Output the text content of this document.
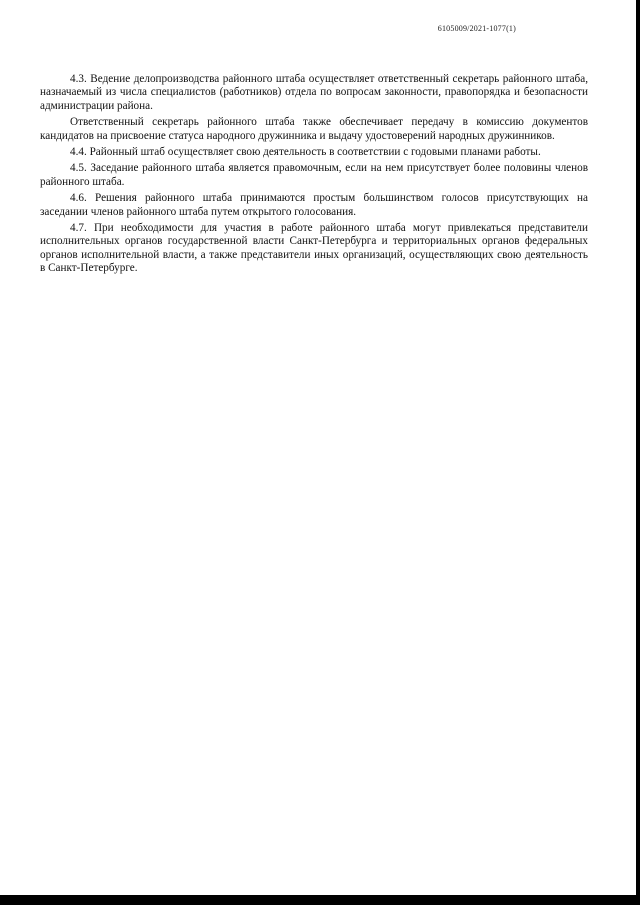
6105009/2021-1077(1)

4.3. Ведение делопроизводства районного штаба осуществляет ответственный секретарь районного штаба, назначаемый из числа специалистов (работников) отдела по вопросам законности, правопорядка и безопасности администрации района.

Ответственный секретарь районного штаба также обеспечивает передачу в комиссию документов кандидатов на присвоение статуса народного дружинника и выдачу удостоверений народных дружинников.

4.4. Районный штаб осуществляет свою деятельность в соответствии с годовыми планами работы.

4.5. Заседание районного штаба является правомочным, если на нем присутствует более половины членов районного штаба.

4.6. Решения районного штаба принимаются простым большинством голосов присутствующих на заседании членов районного штаба путем открытого голосования.

4.7. При необходимости для участия в работе районного штаба могут привлекаться представители исполнительных органов государственной власти Санкт-Петербурга и территориальных органов федеральных органов исполнительной власти, а также представители иных организаций, осуществляющих свою деятельность в Санкт-Петербурге.
